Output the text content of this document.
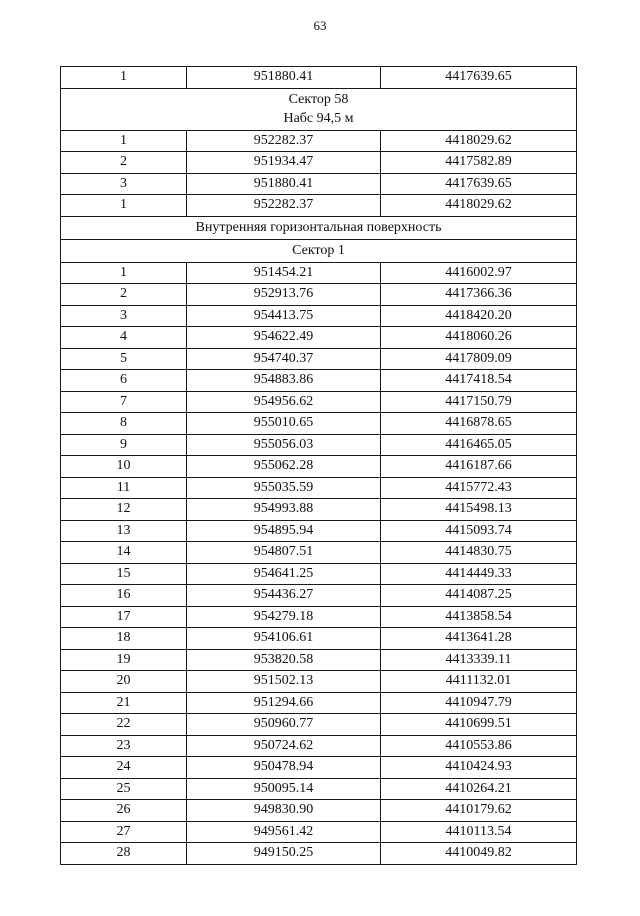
63
1	951880.41	4417639.65

Сектор 58
Набс 94,5 м		

1	952282.37	4418029.62
2	951934.47	4417582.89
3	951880.41	4417639.65
1	952282.37	4418029.62

Внутренняя горизонтальная поверхность		

Сектор 1		

1	951454.21	4416002.97
2	952913.76	4417366.36
3	954413.75	4418420.20
4	954622.49	4418060.26
5	954740.37	4417809.09
6	954883.86	4417418.54
7	954956.62	4417150.79
8	955010.65	4416878.65
9	955056.03	4416465.05
10	955062.28	4416187.66
11	955035.59	4415772.43
12	954993.88	4415498.13
13	954895.94	4415093.74
14	954807.51	4414830.75
15	954641.25	4414449.33
16	954436.27	4414087.25
17	954279.18	4413858.54
18	954106.61	4413641.28
19	953820.58	4413339.11
20	951502.13	4411132.01
21	951294.66	4410947.79
22	950960.77	4410699.51
23	950724.62	4410553.86
24	950478.94	4410424.93
25	950095.14	4410264.21
26	949830.90	4410179.62
27	949561.42	4410113.54
28	949150.25	4410049.82
